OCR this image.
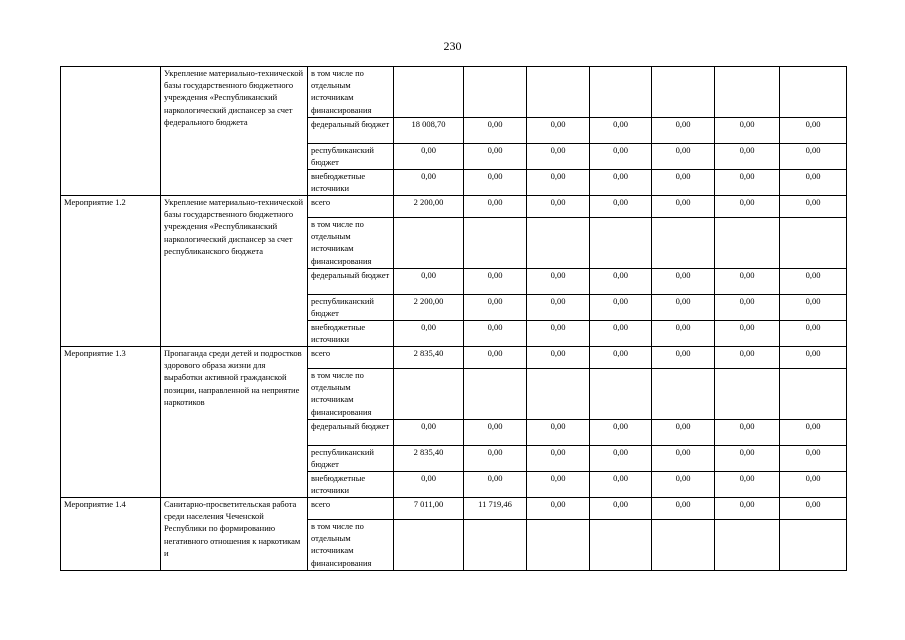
230
	Укрепление материально-технической базы государственного бюджетного учреждения «Республиканский наркологический диспансер за счет федерального бюджета	в том числе по отдельным источникам финансирования							
		федеральный бюджет	18 008,70	0,00	0,00	0,00	0,00	0,00	0,00
		республиканский бюджет	0,00	0,00	0,00	0,00	0,00	0,00	0,00
		внебюджетные источники	0,00	0,00	0,00	0,00	0,00	0,00	0,00
Мероприятие 1.2	Укрепление материально-технической базы государственного бюджетного учреждения «Республиканский наркологический диспансер за счет республиканского бюджета	всего	2 200,00	0,00	0,00	0,00	0,00	0,00	0,00
		в том числе по отдельным источникам финансирования							
		федеральный бюджет	0,00	0,00	0,00	0,00	0,00	0,00	0,00
		республиканский бюджет	2 200,00	0,00	0,00	0,00	0,00	0,00	0,00
		внебюджетные источники	0,00	0,00	0,00	0,00	0,00	0,00	0,00
Мероприятие 1.3	Пропаганда среди детей и подростков здорового образа жизни для выработки активной гражданской позиции, направленной на неприятие наркотиков	всего	2 835,40	0,00	0,00	0,00	0,00	0,00	0,00
		в том числе по отдельным источникам финансирования							
		федеральный бюджет	0,00	0,00	0,00	0,00	0,00	0,00	0,00
		республиканский бюджет	2 835,40	0,00	0,00	0,00	0,00	0,00	0,00
		внебюджетные источники	0,00	0,00	0,00	0,00	0,00	0,00	0,00
Мероприятие 1.4	Санитарно-просветительская работа среди населения Чеченской Республики по формированию негативного отношения к наркотикам и	всего	7 011,00	11 719,46	0,00	0,00	0,00	0,00	0,00
		в том числе по отдельным источникам финансирования							
